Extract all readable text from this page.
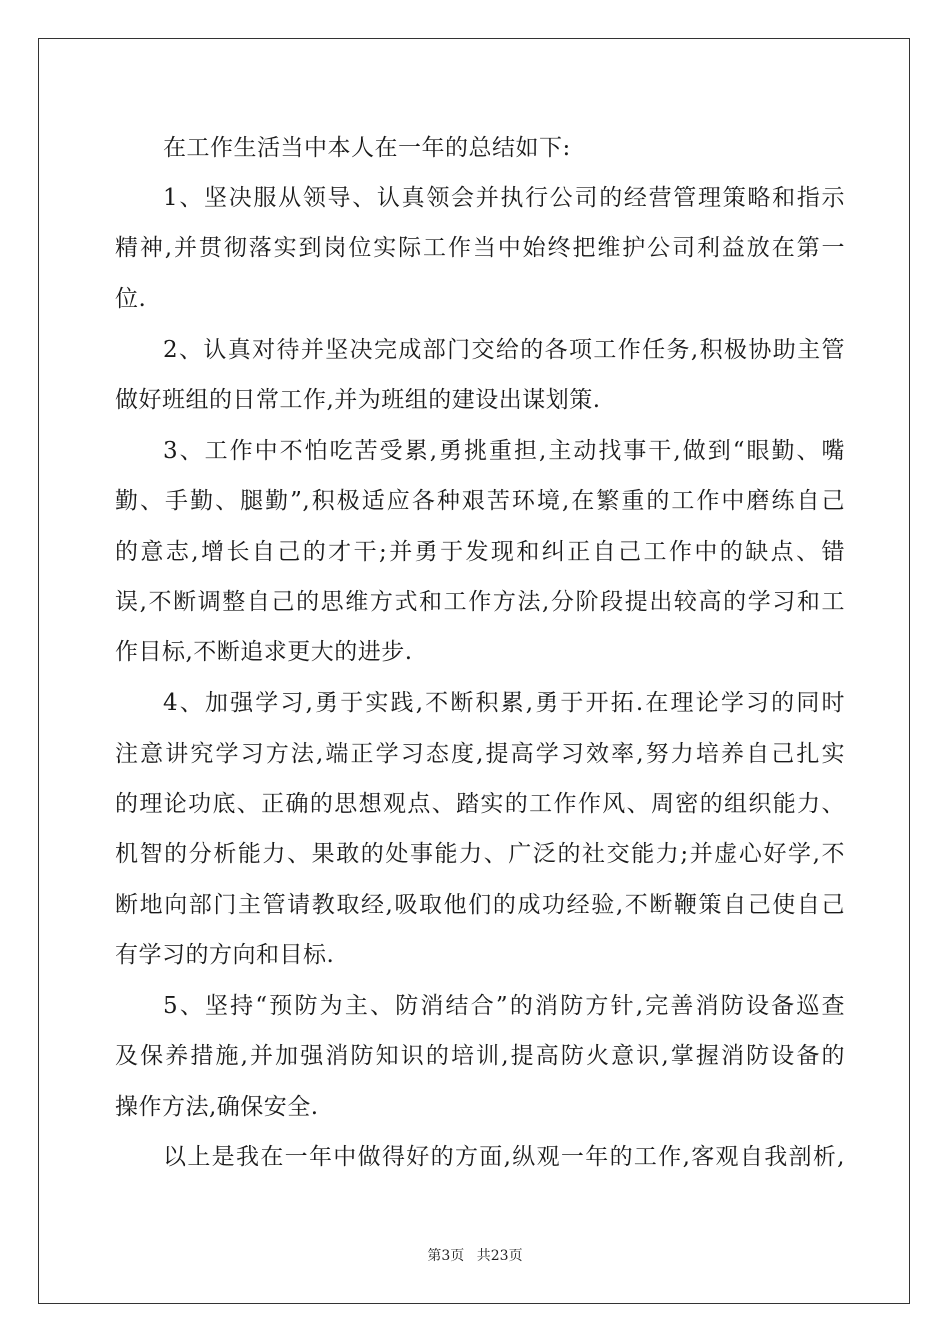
在工作生活当中本人在一年的总结如下:
1、坚决服从领导、认真领会并执行公司的经营管理策略和指示
精神,并贯彻落实到岗位实际工作当中始终把维护公司利益放在第一
位.
2、认真对待并坚决完成部门交给的各项工作任务,积极协助主管
做好班组的日常工作,并为班组的建设出谋划策.
3、工作中不怕吃苦受累,勇挑重担,主动找事干,做到“眼勤、嘴
勤、手勤、腿勤”,积极适应各种艰苦环境,在繁重的工作中磨练自己
的意志,增长自己的才干;并勇于发现和纠正自己工作中的缺点、错
误,不断调整自己的思维方式和工作方法,分阶段提出较高的学习和工
作目标,不断追求更大的进步.
4、加强学习,勇于实践,不断积累,勇于开拓.在理论学习的同时
注意讲究学习方法,端正学习态度,提高学习效率,努力培养自己扎实
的理论功底、正确的思想观点、踏实的工作作风、周密的组织能力、
机智的分析能力、果敢的处事能力、广泛的社交能力;并虚心好学,不
断地向部门主管请教取经,吸取他们的成功经验,不断鞭策自己使自己
有学习的方向和目标.
5、坚持“预防为主、防消结合”的消防方针,完善消防设备巡查
及保养措施,并加强消防知识的培训,提高防火意识,掌握消防设备的
操作方法,确保安全.
以上是我在一年中做得好的方面,纵观一年的工作,客观自我剖析,
第3页 共23页
